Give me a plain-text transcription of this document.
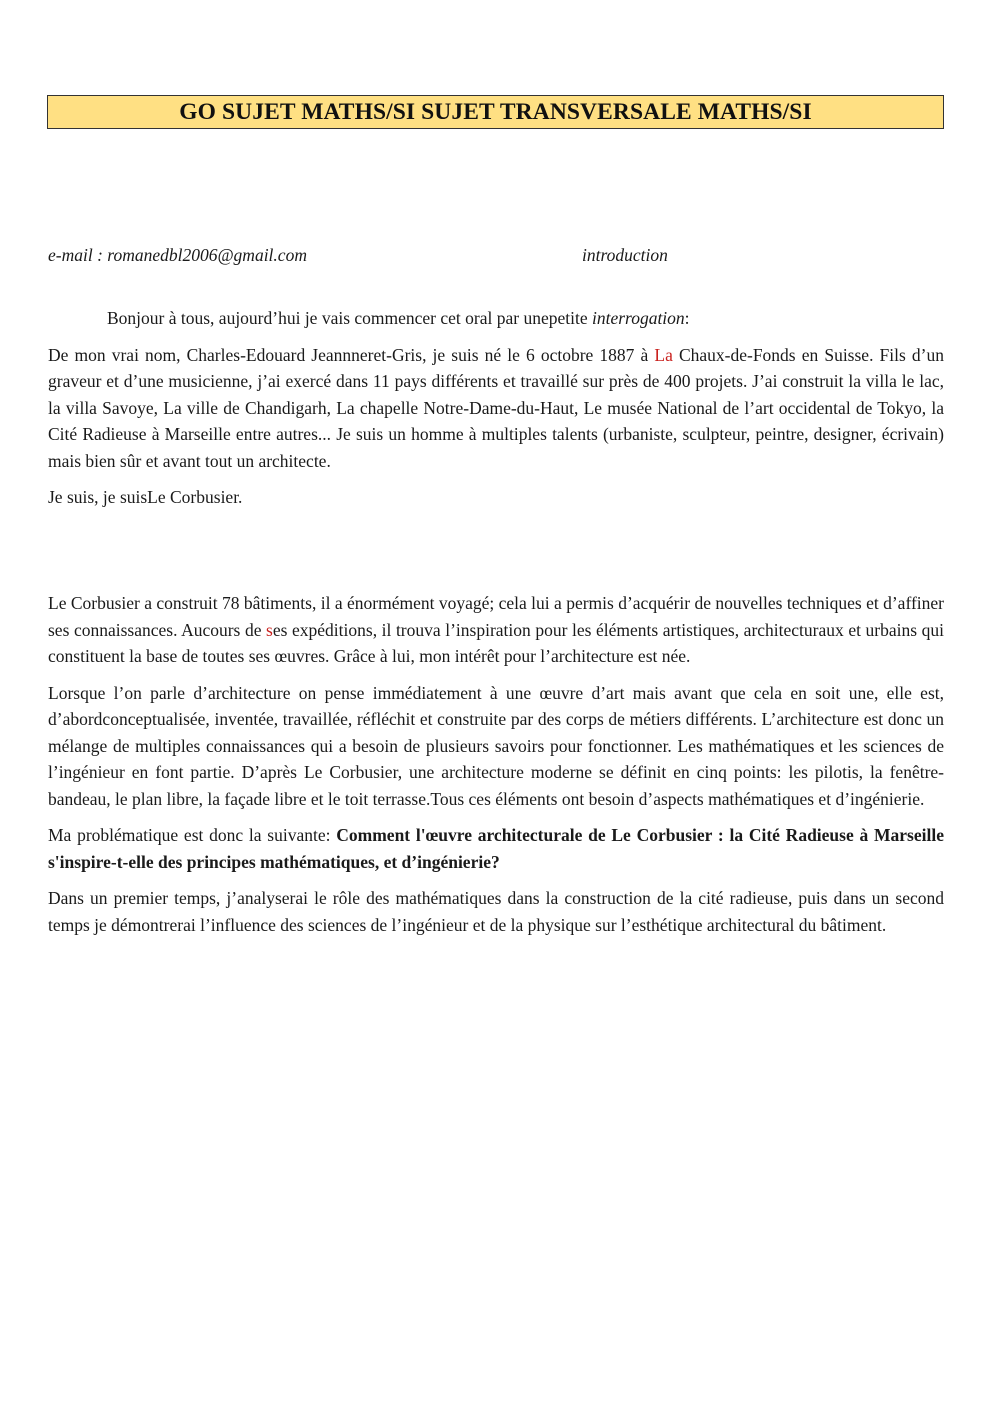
GO SUJET MATHS/SI SUJET TRANSVERSALE MATHS/SI
e-mail : romanedbl2006@gmail.com	introduction

Bonjour à tous, aujourd’hui je vais commencer cet oral par unepetite interrogation:

De mon vrai nom, Charles-Edouard Jeannneret-Gris, je suis né le 6 octobre 1887 à La Chaux-de-Fonds en Suisse. Fils d’un graveur et d’une musicienne, j’ai exercé dans 11 pays différents et travaillé sur près de 400 projets. J’ai construit la villa le lac, la villa Savoye, La ville de Chandigarh, La chapelle Notre-Dame-du-Haut, Le musée National de l’art occidental de Tokyo, la Cité Radieuse à Marseille entre autres... Je suis un homme à multiples talents (urbaniste, sculpteur, peintre, designer, écrivain) mais bien sûr et avant tout un architecte.

Je suis, je suisLe Corbusier.

Le Corbusier a construit 78 bâtiments, il a énormément voyagé; cela lui a permis d’acquérir de nouvelles techniques et d’affiner ses connaissances. Aucours de ses expéditions, il trouva l’inspiration pour les éléments artistiques, architecturaux et urbains qui constituent la base de toutes ses œuvres. Grâce à lui, mon intérêt pour l’architecture est née.

Lorsque l’on parle d’architecture on pense immédiatement à une œuvre d’art mais avant que cela en soit une, elle est, d’abordconceptualisée, inventée, travaillée, réfléchit et construite par des corps de métiers différents. L’architecture est donc un mélange de multiples connaissances qui a besoin de plusieurs savoirs pour fonctionner. Les mathématiques et les sciences de l’ingénieur en font partie. D’après Le Corbusier, une architecture moderne se définit en cinq points: les pilotis, la fenêtre-bandeau, le plan libre, la façade libre et le toit terrasse.Tous ces éléments ont besoin d’aspects mathématiques et d’ingénierie.

Ma problématique est donc la suivante: Comment l'œuvre architecturale de Le Corbusier : la Cité Radieuse à Marseille s'inspire-t-elle des principes mathématiques, et d’ingénierie?

Dans un premier temps, j’analyserai le rôle des mathématiques dans la construction de la cité radieuse, puis dans un second temps je démontrerai l’influence des sciences de l’ingénieur et de la physique sur l’esthétique architectural du bâtiment.
